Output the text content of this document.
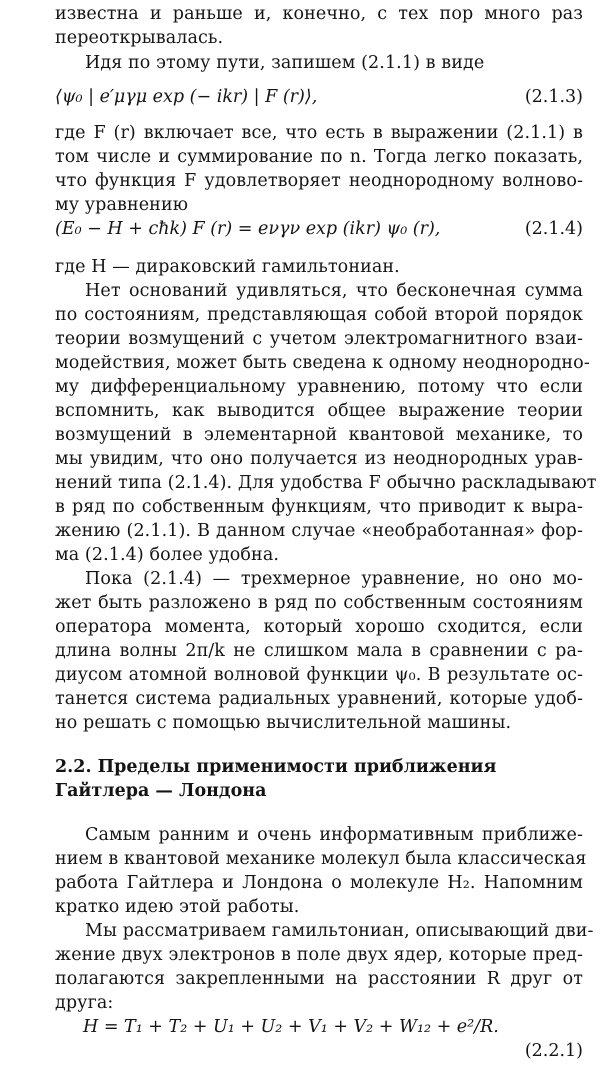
известна и раньше и, конечно, с тех пор много раз
переоткрывалась.
Идя по этому пути, запишем (2.1.1) в виде
⟨ψ₀ | e′μγμ exp (− ikr) | F (r)⟩,	(2.1.3)
где F (r) включает все, что есть в выражении (2.1.1) в
том числе и суммирование по n. Тогда легко показать,
что функция F удовлетворяет неоднородному волново-
му уравнению
(E₀ − H + cħk) F (r) = eνγν exp (ikr) ψ₀ (r),	(2.1.4)
где H — дираковский гамильтониан.
Нет оснований удивляться, что бесконечная сумма
по состояниям, представляющая собой второй порядок
теории возмущений с учетом электромагнитного взаи-
модействия, может быть сведена к одному неоднородно-
му дифференциальному уравнению, потому что если
вспомнить, как выводится общее выражение теории
возмущений в элементарной квантовой механике, то
мы увидим, что оно получается из неоднородных урав-
нений типа (2.1.4). Для удобства F обычно раскладывают
в ряд по собственным функциям, что приводит к выра-
жению (2.1.1). В данном случае «необработанная» фор-
ма (2.1.4) более удобна.
Пока (2.1.4) — трехмерное уравнение, но оно мо-
жет быть разложено в ряд по собственным состояниям
оператора момента, который хорошо сходится, если
длина волны 2π/k не слишком мала в сравнении с ра-
диусом атомной волновой функции ψ₀. В результате ос-
танется система радиальных уравнений, которые удоб-
но решать с помощью вычислительной машины.
2.2. Пределы применимости приближения
Гайтлера — Лондона
Самым ранним и очень информативным приближе-
нием в квантовой механике молекул была классическая
работа Гайтлера и Лондона о молекуле H₂. Напомним
кратко идею этой работы.
Мы рассматриваем гамильтониан, описывающий дви-
жение двух электронов в поле двух ядер, которые пред-
полагаются закрепленными на расстоянии R друг от
друга:
H = T₁ + T₂ + U₁ + U₂ + V₁ + V₂ + W₁₂ + e²/R.
(2.2.1)
